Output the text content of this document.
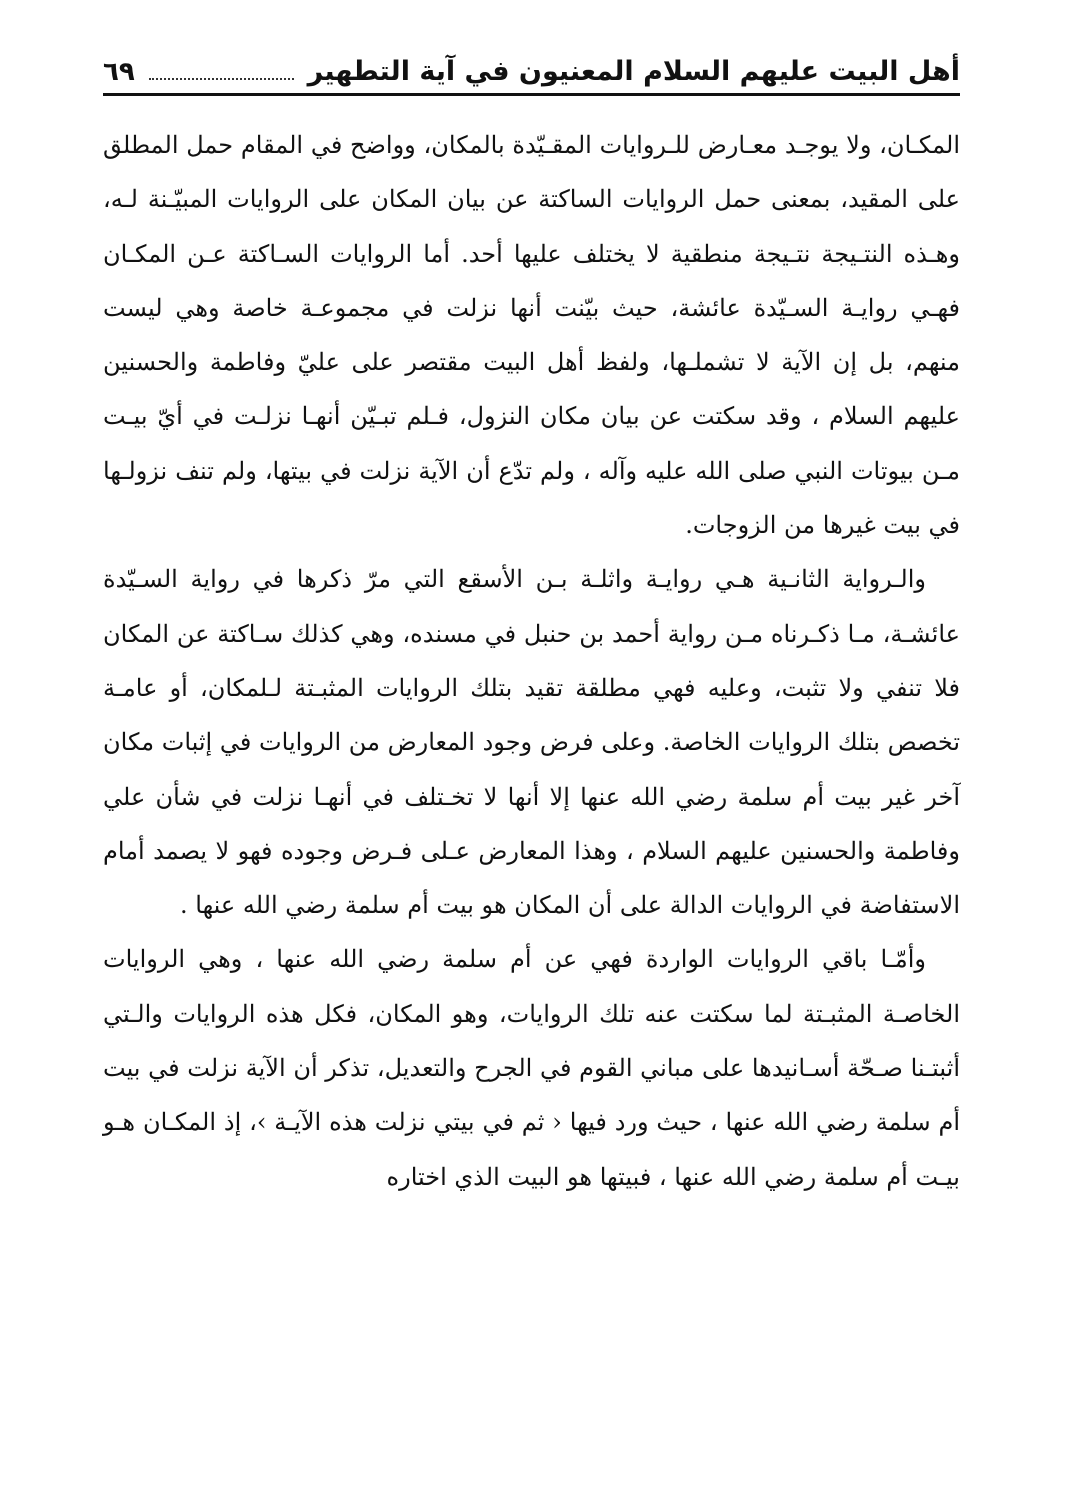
أهل البيت عليهم السلام المعنيون في آية التطهير
٦٩

المكـان، ولا يوجـد معـارض للـروايات المقـيّدة بالمكان، وواضح في المقام حمل المطلق على المقيد، بمعنى حمل الروايات الساكتة عن بيان المكان على الروايات المبيّـنة لـه، وهـذه النتـيجة نتـيجة منطقية لا يختلف عليها أحد. أما الروايات السـاكتة عـن المكـان فهـي روايـة السـيّدة عائشة، حيث بيّنت أنها نزلت في مجموعـة خاصة وهي ليست منهم، بل إن الآية لا تشملـها، ولفظ أهل البيت مقتصر على عليّ وفاطمة والحسنين عليهم السلام ، وقد سكتت عن بيان مكان النزول، فـلم تبـيّن أنهـا نزلـت في أيّ بيـت مـن بيوتات النبي صلى الله عليه وآله ، ولم تدّع أن الآية نزلت في بيتها، ولم تنف نزولـها في بيت غيرها من الزوجات.

والـرواية الثانـية هـي روايـة واثلـة بـن الأسقع التي مرّ ذكرها في رواية السـيّدة عائشـة، مـا ذكـرناه مـن رواية أحمد بن حنبل في مسنده، وهي كذلك سـاكتة عن المكان فلا تنفي ولا تثبت، وعليه فهي مطلقة تقيد بتلك الروايات المثبـتة لـلمكان، أو عامـة تخصص بتلك الروايات الخاصة. وعلى فرض وجود المعارض من الروايات في إثبات مكان آخر غير بيت أم سلمة رضي الله عنها إلا أنها لا تخـتلف في أنهـا نزلت في شأن علي وفاطمة والحسنين عليهم السلام ، وهذا المعارض عـلى فـرض وجوده فهو لا يصمد أمام الاستفاضة في الروايات الدالة على أن المكان هو بيت أم سلمة رضي الله عنها .

وأمّـا باقي الروايات الواردة فهي عن أم سلمة رضي الله عنها ، وهي الروايات الخاصـة المثبـتة لما سكتت عنه تلك الروايات، وهو المكان، فكل هذه الروايات والـتي أثبتـنا صـحّة أسـانيدها على مباني القوم في الجرح والتعديل، تذكر أن الآية نزلت في بيت أم سلمة رضي الله عنها ، حيث ورد فيها ‹ ثم في بيتي نزلت هذه الآيـة ›، إذ المكـان هـو بيـت أم سلمة رضي الله عنها ، فبيتها هو البيت الذي اختاره
